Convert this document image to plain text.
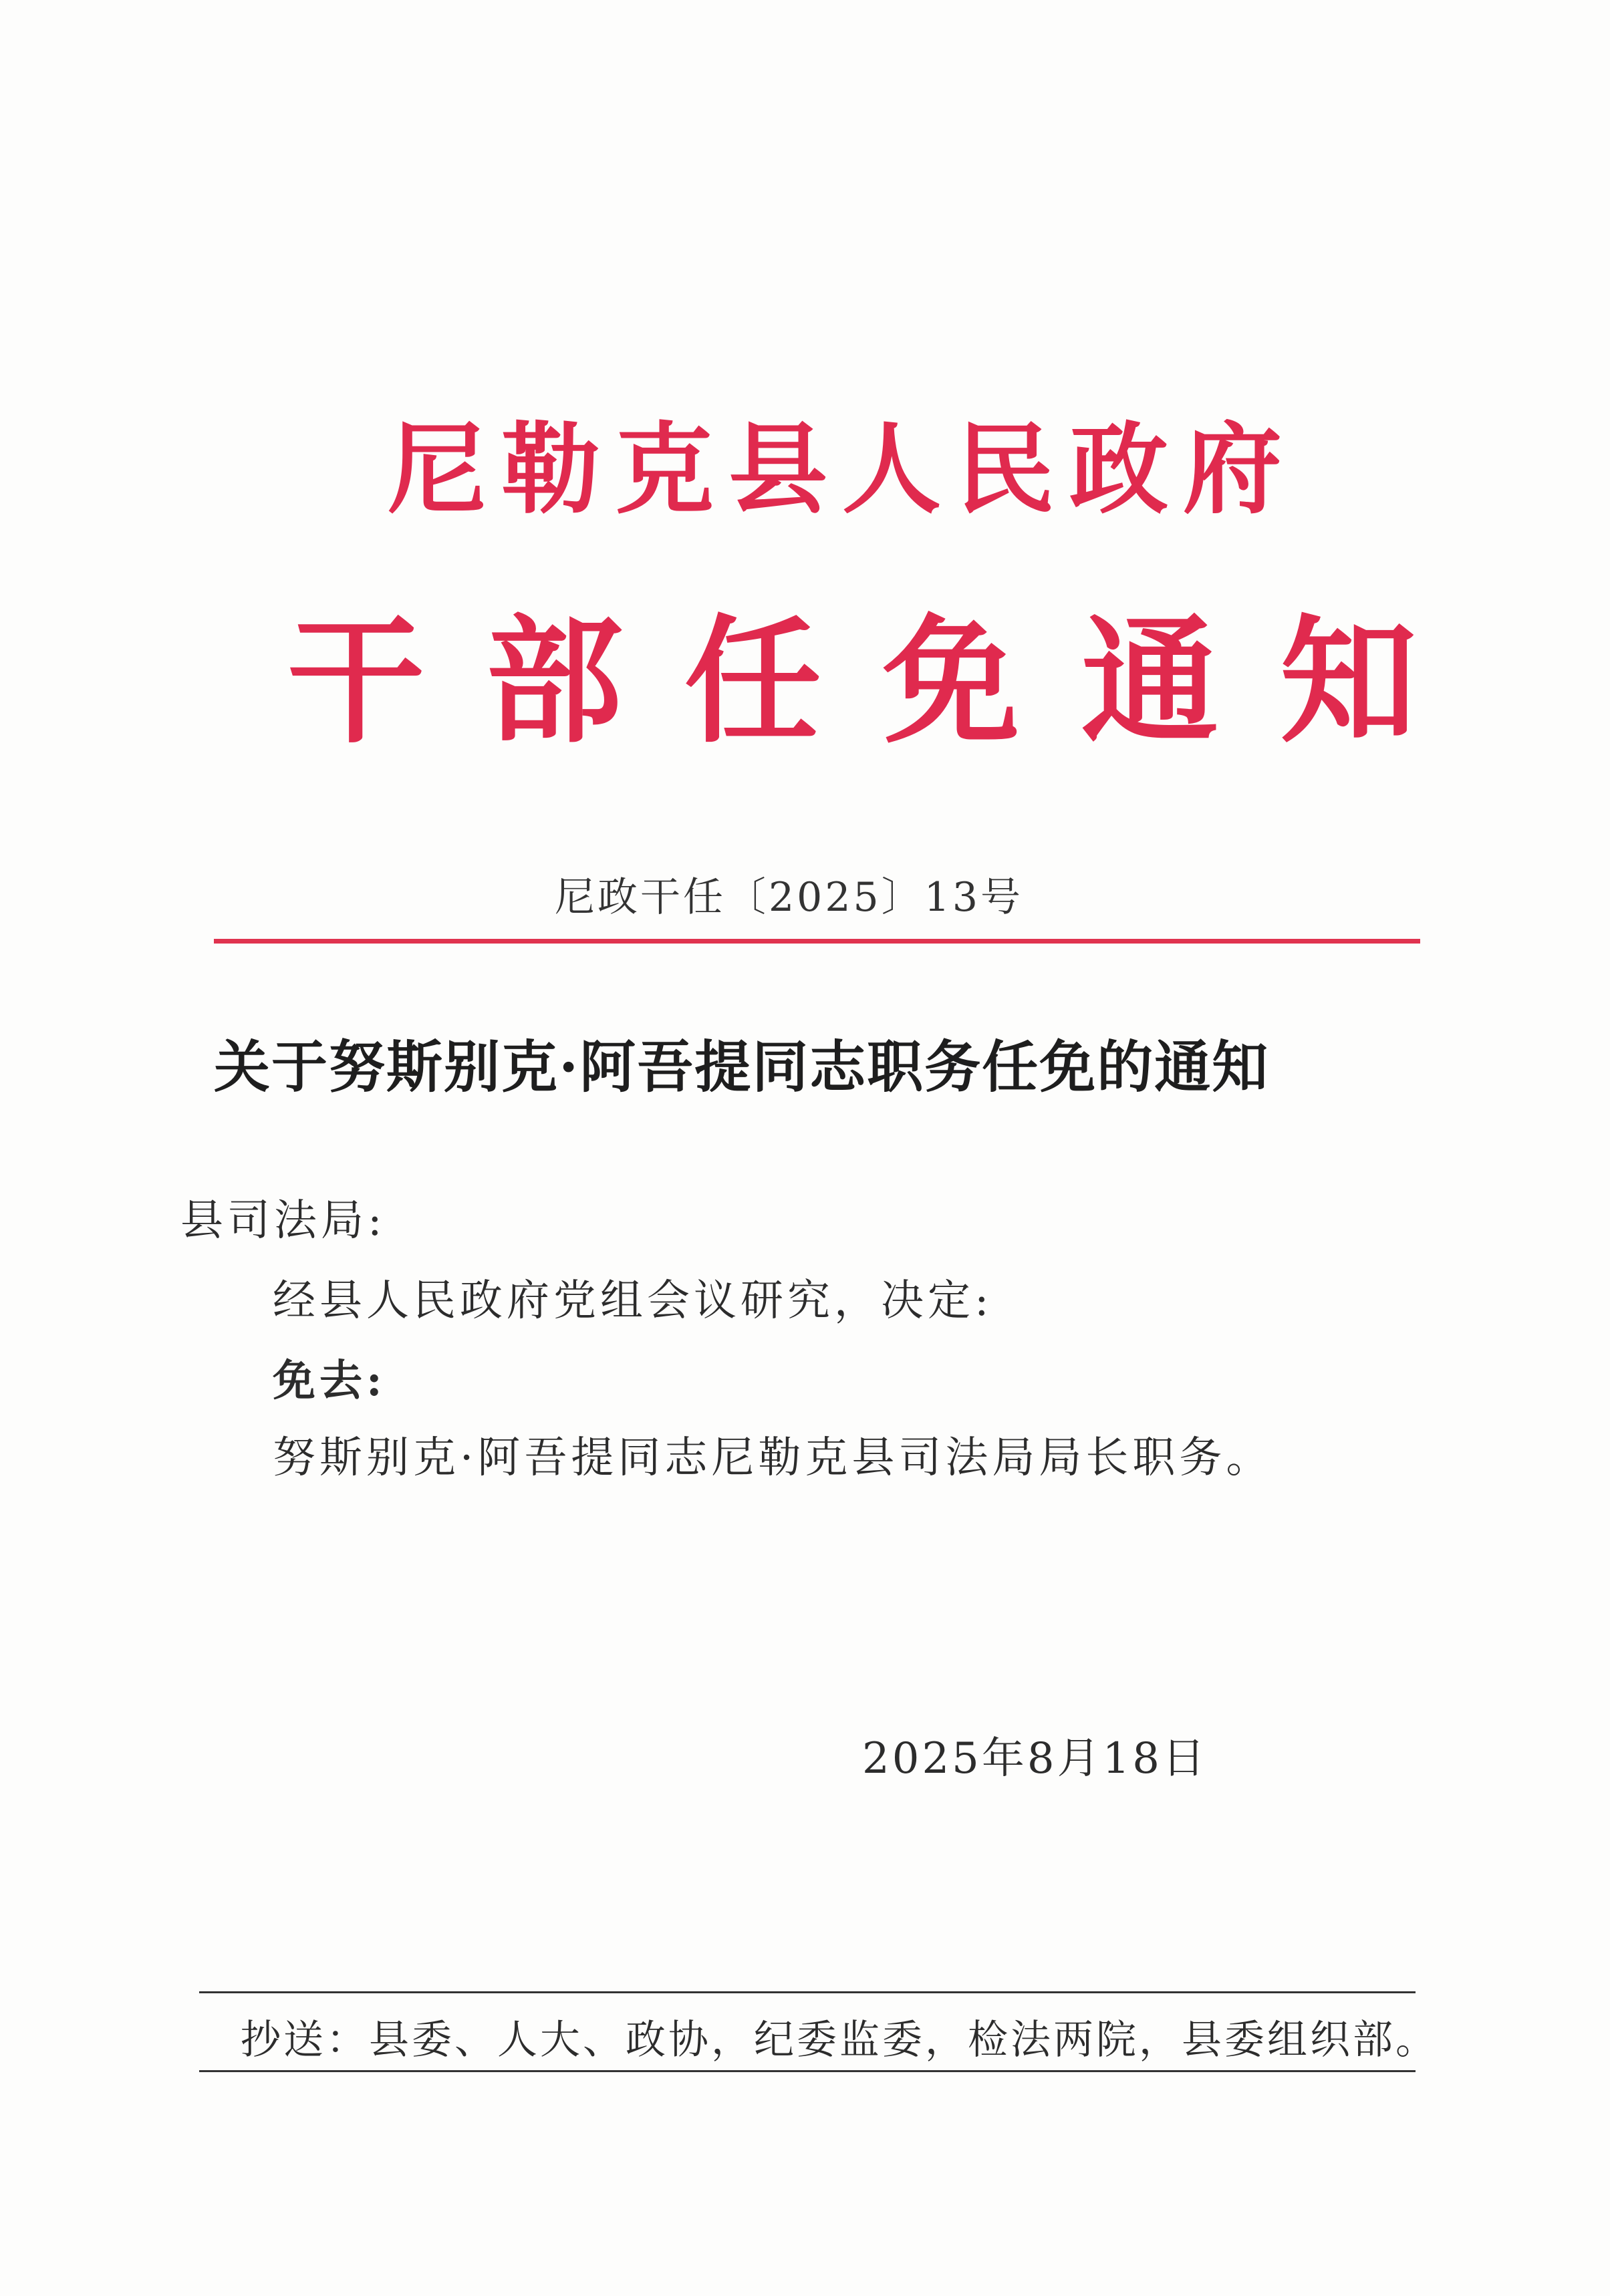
尼勒克县人民政府
干部任免通知
尼政干任〔2025〕13号
关于努斯别克·阿吾提同志职务任免的通知
县司法局:
经县人民政府党组会议研究，决定:
免去:
努斯别克·阿吾提同志尼勒克县司法局局长职务。
2025年8月18日
抄送：县委、人大、政协，纪委监委，检法两院，县委组织部。
